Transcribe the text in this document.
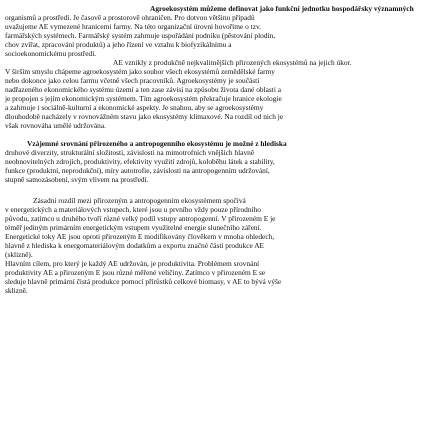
Agroekosystém můžeme definovat jako funkční jednotku hospodářsky významných
organismů a prostředí. Je časově a prostorově ohraničen. Pro dotvou většinu případů
uvažujeme AE vymezené hranicemi farmy. Na této organizační úrovni hovoříme o tzv.
farmářských systémech. Farmářský systém zahrnuje uspořádání podniku (pěstování plodin,
chov zvířat, zpracování produktů) a jeho řízení ve vztahu k biofyzikálnímu a
socioekonomickému prostředí.
AE vznikly z produkčně nejkvalitnějších přirozených ekosystémů na jejich úkor.
V širším smyslu chápeme agroekosystém jako soubor všech ekosystémů zemědělské farmy
nebo dokonce jako celou farmu včetně všech pracovníků. Agroekosystémy je součástí
nadřazeného ekonomického systému území a ten zase závisí na způsobu života dané oblasti a
je propojen s jejím ekonomickým systémem. Tím agroekosystém překračuje hranice ekologie
a zahrnuje i sociálně-kulturní a ekonomické aspekty. Je snahou, aby se agroekosystémy
dlouhodobě nacházely v rovnovážném stavu jako ekosystémy klimaxové. Na rozdíl od nich je
však rovnováha umělé udržována.
Vzájemné srovnání přirozeného a antropogenního ekosystému je možné z hlediska
druhové diverzity, strukturální složitosti, závislosti na mimotrofních vnějších hlavně
neobnovitelných zdrojích, produktivity, efektivity využití zdrojů, koloběhu látek a stability,
funkce (produktní, neprodukční), míry autotrofie, závislosti na antropogenním udržování,
stupně samozásobení, svým vlivem na prostředí.
Zásadní rozdíl mezi přirozeným a antropogenním ekosystémem spočívá
v energetických a materiálových vstupech, které jsou u prvního vždy pouze přírodního
původu, zatímco u druhého tvoří různé velký podíl vstupy antropogenní. V přirozeném E je
téměř jediným primárním energetickým vstupem využitelné energie slunečního záření.
Energetické toky AE jsou oproti přirozeným E modifikovány člověkem v mnoha ohledech,
hlavně z hlediska k energomateriálovým dodatkům a exportu značné části produkce AE
(sklizně).
Hlavním cílem, pro který je každý AE udržován, je produktivita. Problémem srovnání
produktivity AE a přirozeným E jsou různé měřené veličiny. Zatímco v přirozeném E se
sleduje hlavně primární čistá produkce pomocí přírůstků celkové biomasy, v AE to bývá výše
sklizně.
